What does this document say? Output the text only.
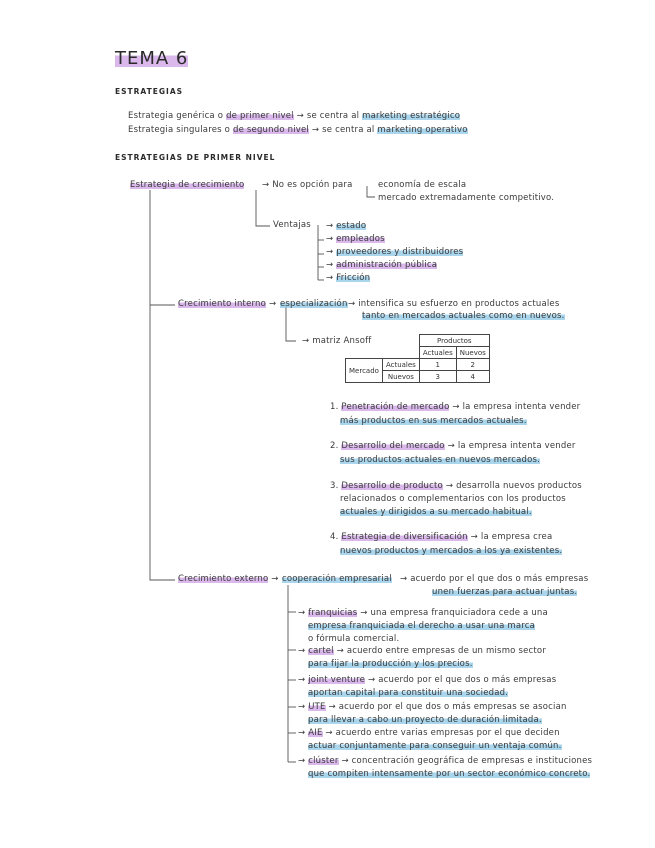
TEMA 6
ESTRATEGIAS
Estrategia genérica o de primer nivel → se centra al marketing estratégico
Estrategia singulares o de segundo nivel → se centra al marketing operativo
ESTRATEGIAS DE PRIMER NIVEL
Estrategia de crecimiento → No es opción para	economía de escala
mercado extremadamente competitivo.
Ventajas → estado
→ empleados
→ proveedores y distribuidores
→ administración pública
→ Fricción
Crecimiento interno → especialización → intensifica su esfuerzo en productos actuales
tanto en mercados actuales como en nuevos.
→ matriz Ansoff
			Productos	
		Actuales	Nuevos
Mercado	Actuales	1	2
	Nuevos	3	4
1. Penetración de mercado → la empresa intenta vender
más productos en sus mercados actuales.
2. Desarrollo del mercado → la empresa intenta vender
sus productos actuales en nuevos mercados.
3. Desarrollo de producto → desarrolla nuevos productos
relacionados o complementarios con los productos
actuales y dirigidos a su mercado habitual.
4. Estrategia de diversificación → la empresa crea
nuevos productos y mercados a los ya existentes.
Crecimiento externo → cooperación empresarial → acuerdo por el que dos o más empresas
unen fuerzas para actuar juntas.
→ franquicias → una empresa franquiciadora cede a una
empresa franquiciada el derecho a usar una marca
o fórmula comercial.
→ cartel → acuerdo entre empresas de un mismo sector
para fijar la producción y los precios.
→ joint venture → acuerdo por el que dos o más empresas
aportan capital para constituir una sociedad.
→ UTE → acuerdo por el que dos o más empresas se asocian
para llevar a cabo un proyecto de duración limitada.
→ AIE → acuerdo entre varias empresas por el que deciden
actuar conjuntamente para conseguir un ventaja común.
→ clúster → concentración geográfica de empresas e instituciones
que compiten intensamente por un sector económico concreto.
